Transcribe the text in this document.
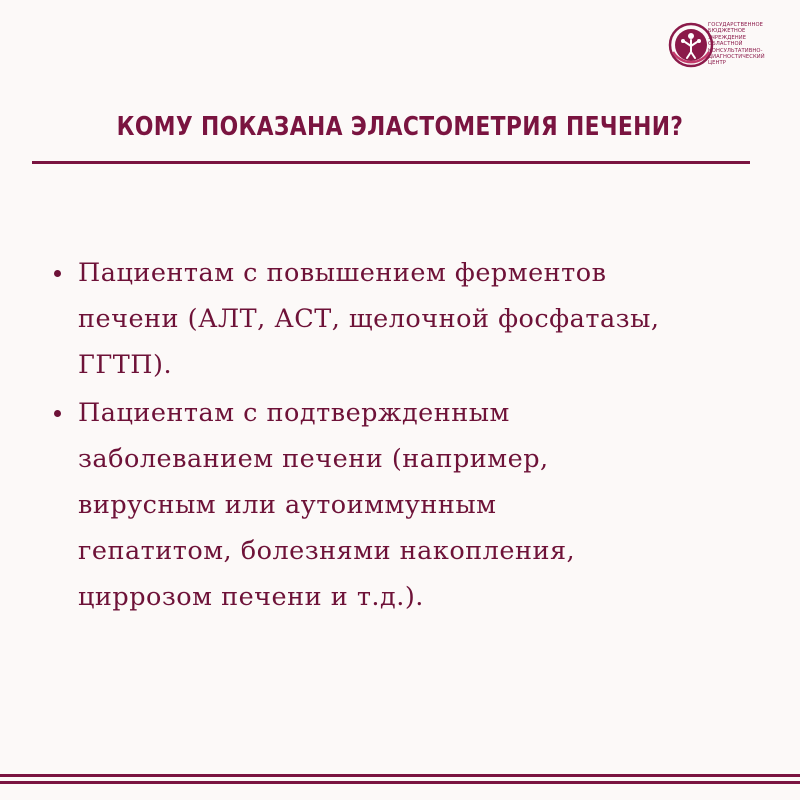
ГОСУДАРСТВЕННОЕ
БЮДЖЕТНОЕ
УЧРЕЖДЕНИЕ
ОБЛАСТНОЙ
КОНСУЛЬТАТИВНО-
ДИАГНОСТИЧЕСКИЙ
ЦЕНТР
КОМУ ПОКАЗАНА ЭЛАСТОМЕТРИЯ ПЕЧЕНИ?
Пациентам с повышением ферментов
печени (АЛТ, АСТ, щелочной фосфатазы,
ГГТП).
Пациентам с подтвержденным
заболеванием печени (например,
вирусным или аутоиммунным
гепатитом, болезнями накопления,
циррозом печени и т.д.).
